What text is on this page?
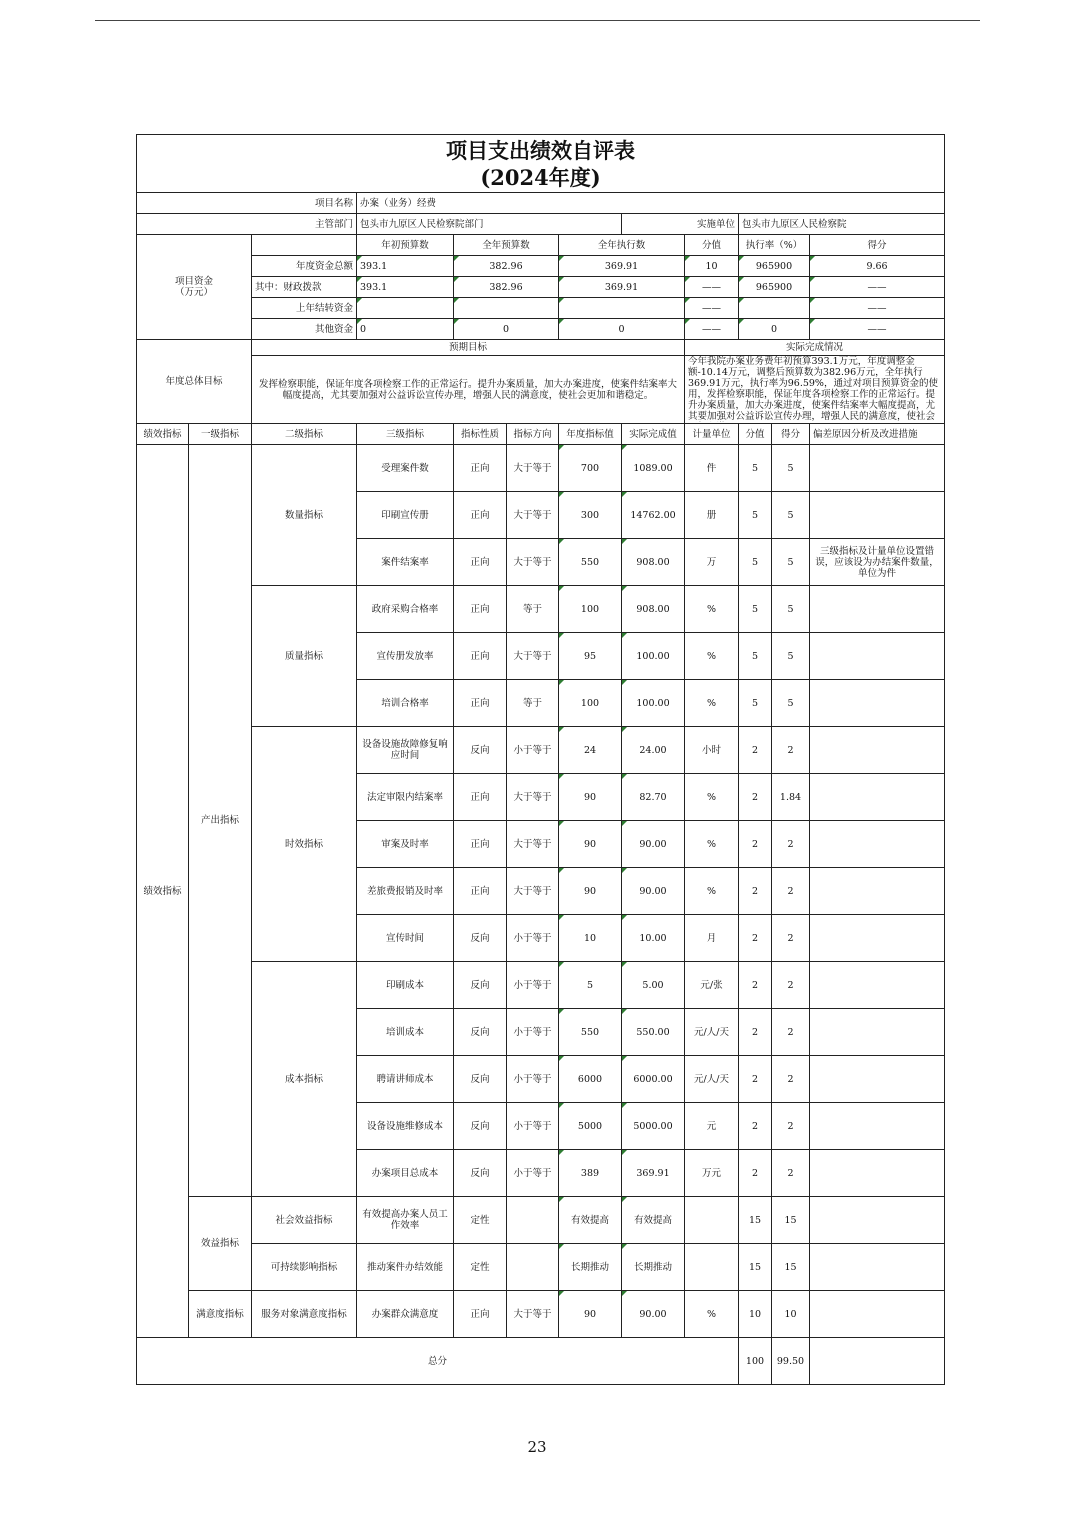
项目支出绩效自评表
(2024年度)											

项目名称			办案（业务）经费								
主管部门			包头市九原区人民检察院部门				实施单位		包头市九原区人民检察院		

项目资金
（万元）			年初预算数	全年预算数		全年执行数		分值	执行率（%）		得分
		年度资金总额	393.1	382.96		369.91		10	965900		9.66
		其中：财政拨款	393.1	382.96		369.91		——	965900		——
		上年结转资金						——			——
		其他资金	0	0		0		——	0		——
年度总体目标		预期目标						实际完成情况			
		发挥检察职能，保证年度各项检察工作的正常运行。提升办案质量，加大办案进度，使案件结案率大幅度提高，尤其要加强对公益诉讼宣传办理，增强人民的满意度，使社会更加和谐稳定。						今年我院办案业务费年初预算393.1万元，年度调整金额-10.14万元，调整后预算数为382.96万元，全年执行369.91万元，执行率为96.59%，通过对项目预算资金的使用，发挥检察职能，保证年度各项检察工作的正常运行。提升办案质量，加大办案进度，使案件结案率大幅度提高，尤其要加强对公益诉讼宣传办理，增强人民的满意度，使社会			

绩效指标	一级指标	二级指标	三级指标	指标性质	指标方向	年度指标值	实际完成值	计量单位	分值	得分	偏差原因分析及改进措施
绩效指标	产出指标	数量指标	受理案件数	正向	大于等于	700	1089.00	件	5	5	
			印刷宣传册	正向	大于等于	300	14762.00	册	5	5	
			案件结案率	正向	大于等于	550	908.00	万	5	5	三级指标及计量单位设置错误，应该设为办结案件数量，单位为件
		质量指标	政府采购合格率	正向	等于	100	908.00	%	5	5	
			宣传册发放率	正向	大于等于	95	100.00	%	5	5	
			培训合格率	正向	等于	100	100.00	%	5	5	
		时效指标	设备设施故障修复响应时间	反向	小于等于	24	24.00	小时	2	2	
			法定审限内结案率	正向	大于等于	90	82.70	%	2	1.84	
			审案及时率	正向	大于等于	90	90.00	%	2	2	
			差旅费报销及时率	正向	大于等于	90	90.00	%	2	2	
			宣传时间	反向	小于等于	10	10.00	月	2	2	
		成本指标	印刷成本	反向	小于等于	5	5.00	元/张	2	2	
			培训成本	反向	小于等于	550	550.00	元/人/天	2	2	
			聘请讲师成本	反向	小于等于	6000	6000.00	元/人/天	2	2	
			设备设施维修成本	反向	小于等于	5000	5000.00	元	2	2	
			办案项目总成本	反向	小于等于	389	369.91	万元	2	2	
	效益指标	社会效益指标	有效提高办案人员工作效率	定性		有效提高	有效提高		15	15	
		可持续影响指标	推动案件办结效能	定性		长期推动	长期推动		15	15	
	满意度指标	服务对象满意度指标	办案群众满意度	正向	大于等于	90	90.00	%	10	10	
总分									100	99.50	
23
